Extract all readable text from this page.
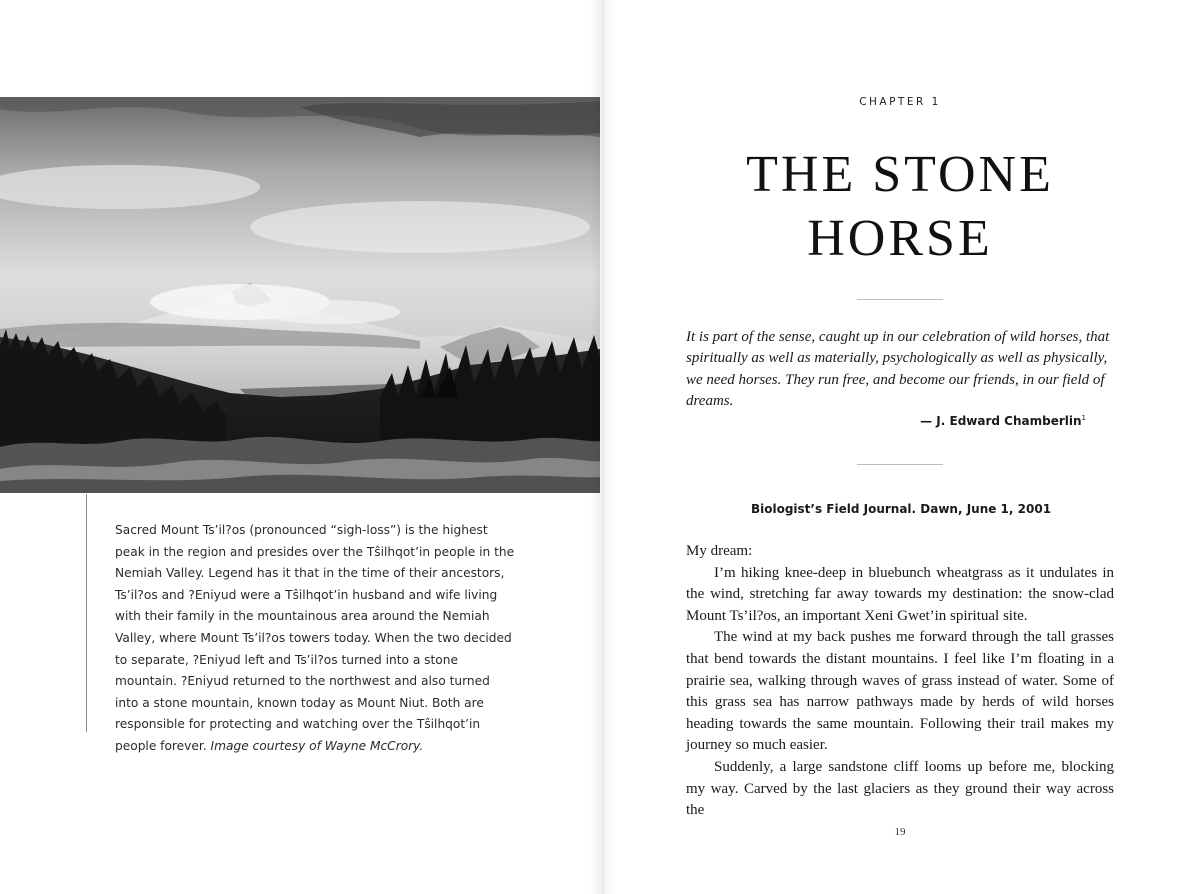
Sacred Mount Ts’il?os (pronounced “sigh-loss”) is the highest peak in the region and presides over the Tŝilhqot’in people in the Nemiah Valley. Legend has it that in the time of their ancestors, Ts’il?os and ?Eniyud were a Tŝilhqot’in husband and wife living with their family in the mountainous area around the Nemiah Valley, where Mount Ts’il?os towers today. When the two decided to separate, ?Eniyud left and Ts’il?os turned into a stone mountain. ?Eniyud returned to the northwest and also turned into a stone mountain, known today as Mount Niut. Both are responsible for protecting and watching over the Tŝilhqot’in people forever. Image courtesy of Wayne McCrory.
CHAPTER 1
THE STONE
HORSE
It is part of the sense, caught up in our celebration of wild horses, that spiritually as well as materially, psychologically as well as physically, we need horses. They run free, and become our friends, in our field of dreams.
— J. Edward Chamberlin$^1$
Biologist’s Field Journal. Dawn, June 1, 2001

My dream:

I’m hiking knee-deep in bluebunch wheatgrass as it undulates in the wind, stretching far away towards my destination: the snow-clad Mount Ts’il?os, an important Xeni Gwet’in spiritual site.

The wind at my back pushes me forward through the tall grasses that bend towards the distant mountains. I feel like I’m floating in a prairie sea, walking through waves of grass instead of water. Some of this grass sea has narrow pathways made by herds of wild horses heading towards the same mountain. Following their trail makes my journey so much easier.

Suddenly, a large sandstone cliff looms up before me, blocking my way. Carved by the last glaciers as they ground their way across the

19
